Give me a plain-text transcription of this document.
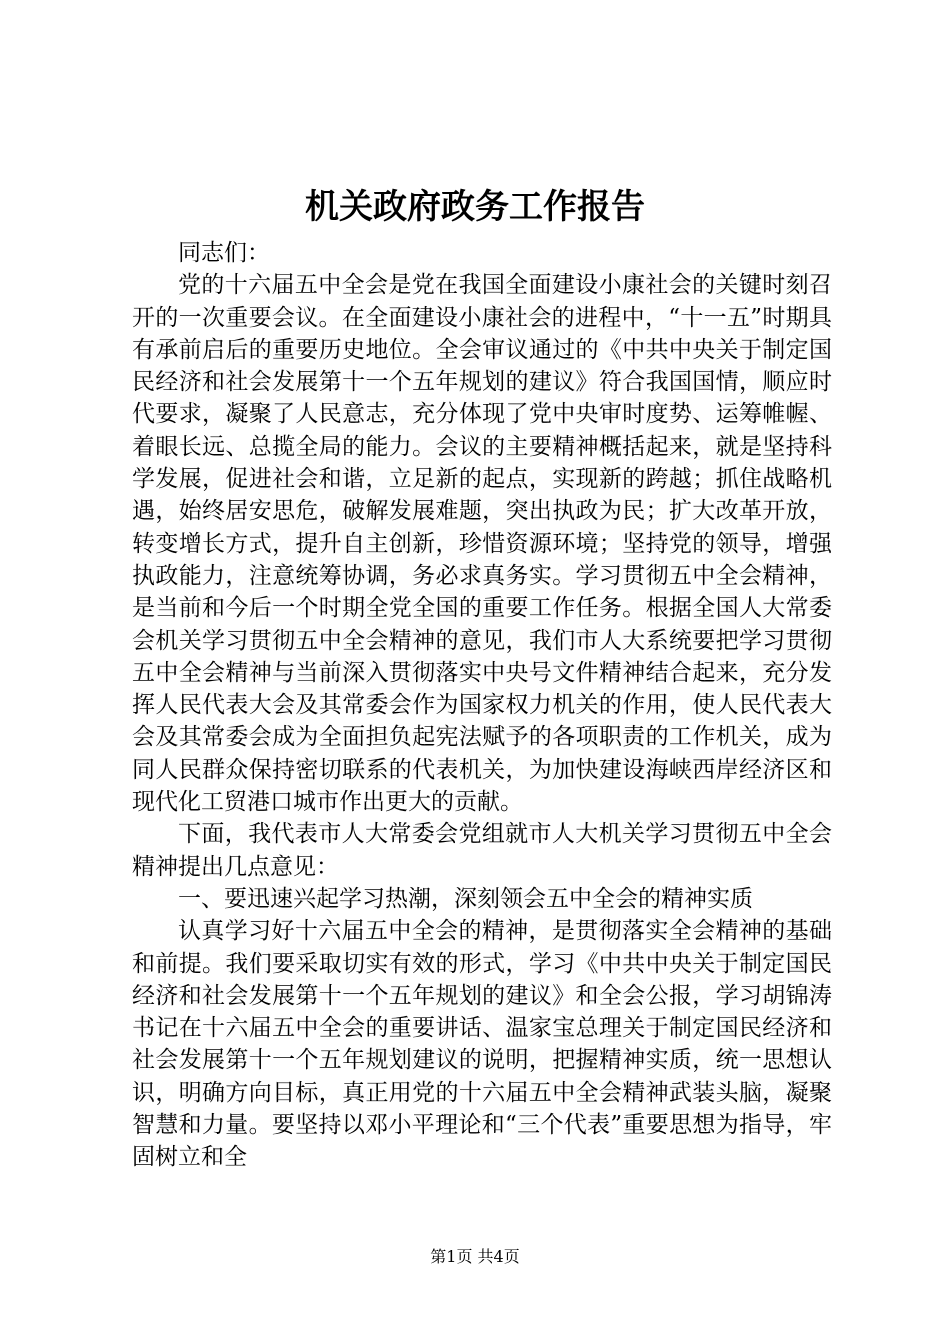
机关政府政务工作报告

同志们：

党的十六届五中全会是党在我国全面建设小康社会的关键时刻召开的一次重要会议。在全面建设小康社会的进程中，“十一五”时期具有承前启后的重要历史地位。全会审议通过的《中共中央关于制定国民经济和社会发展第十一个五年规划的建议》符合我国国情，顺应时代要求，凝聚了人民意志，充分体现了党中央审时度势、运筹帷幄、着眼长远、总揽全局的能力。会议的主要精神概括起来，就是坚持科学发展，促进社会和谐，立足新的起点，实现新的跨越；抓住战略机遇，始终居安思危，破解发展难题，突出执政为民；扩大改革开放，转变增长方式，提升自主创新，珍惜资源环境；坚持党的领导，增强执政能力，注意统筹协调，务必求真务实。学习贯彻五中全会精神，是当前和今后一个时期全党全国的重要工作任务。根据全国人大常委会机关学习贯彻五中全会精神的意见，我们市人大系统要把学习贯彻五中全会精神与当前深入贯彻落实中央号文件精神结合起来，充分发挥人民代表大会及其常委会作为国家权力机关的作用，使人民代表大会及其常委会成为全面担负起宪法赋予的各项职责的工作机关，成为同人民群众保持密切联系的代表机关，为加快建设海峡西岸经济区和现代化工贸港口城市作出更大的贡献。

下面，我代表市人大常委会党组就市人大机关学习贯彻五中全会精神提出几点意见：

一、要迅速兴起学习热潮，深刻领会五中全会的精神实质

认真学习好十六届五中全会的精神，是贯彻落实全会精神的基础和前提。我们要采取切实有效的形式，学习《中共中央关于制定国民经济和社会发展第十一个五年规划的建议》和全会公报，学习胡锦涛书记在十六届五中全会的重要讲话、温家宝总理关于制定国民经济和社会发展第十一个五年规划建议的说明，把握精神实质，统一思想认识，明确方向目标，真正用党的十六届五中全会精神武装头脑，凝聚智慧和力量。要坚持以邓小平理论和“三个代表”重要思想为指导，牢固树立和全

第1页 共4页
